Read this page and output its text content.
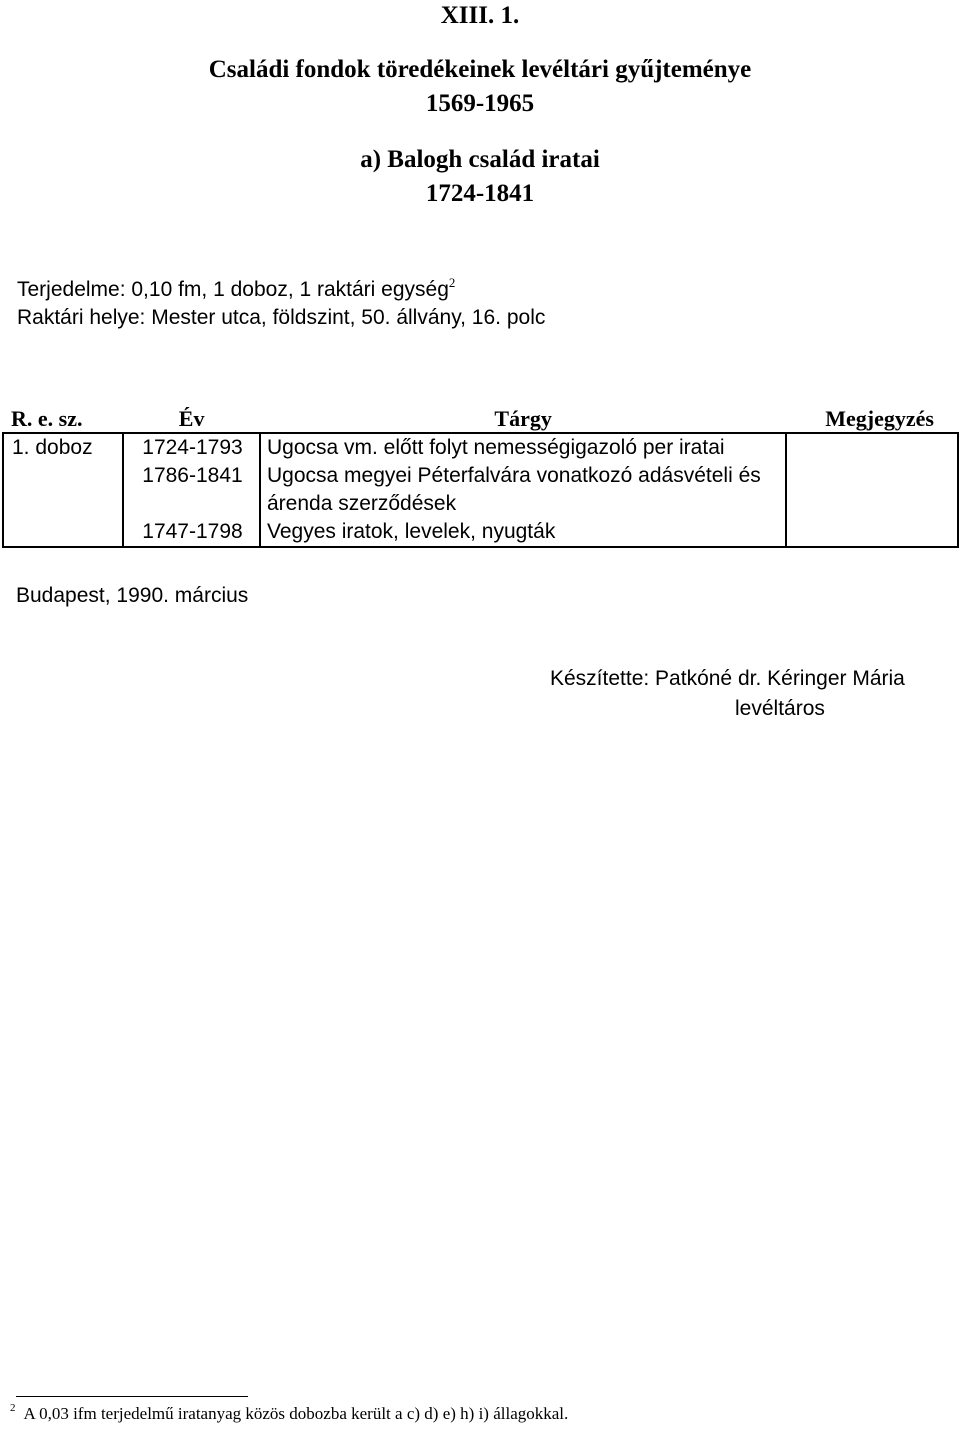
XIII. 1.
Családi fondok töredékeinek levéltári gyűjteménye
1569-1965
a) Balogh család iratai
1724-1841
Terjedelme: 0,10 fm, 1 doboz, 1 raktári egység$^2$
Raktári helye: Mester utca, földszint, 50. állvány, 16. polc
R. e. sz.	Év	Tárgy	Megjegyzés
1. doboz	1724-1793	Ugocsa vm. előtt folyt nemességigazoló per iratai	
	1786-1841	Ugocsa megyei Péterfalvára vonatkozó adásvételi és árenda szerződések	
	1747-1798	Vegyes iratok, levelek, nyugták	
Budapest, 1990. március
Készítette: Patkóné dr. Kéringer Mária
levéltáros
$^2$ A 0,03 ifm terjedelmű iratanyag közös dobozba került a c) d) e) h) i) állagokkal.
